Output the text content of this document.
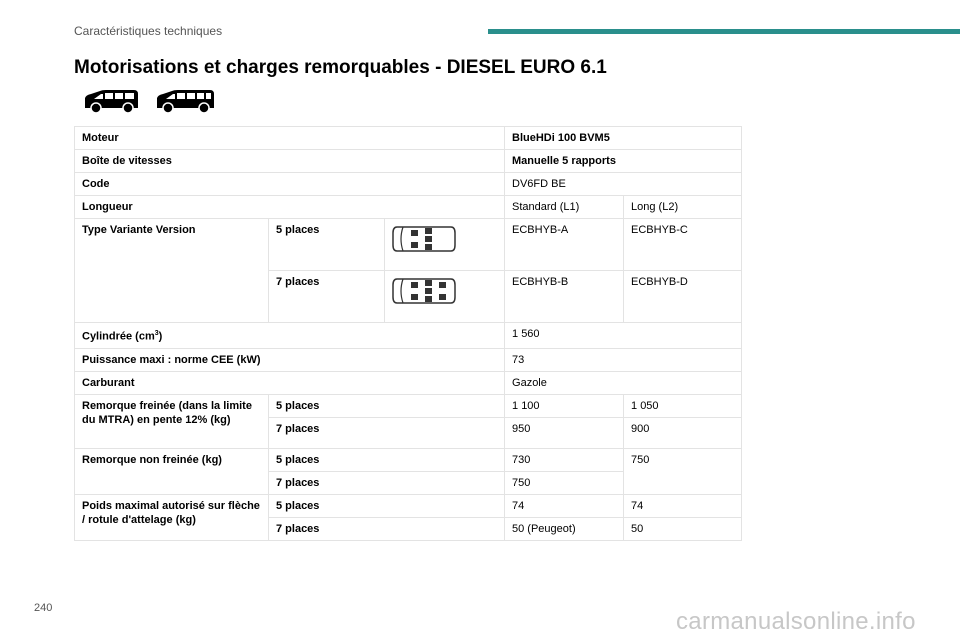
Caractéristiques techniques
Motorisations et charges remorquables - DIESEL EURO 6.1
Moteur			BlueHDi 100 BVM5	
Boîte de vitesses			Manuelle 5 rapports	
Code			DV6FD BE	
Longueur			Standard (L1)	Long (L2)
Type Variante Version	5 places		ECBHYB-A	ECBHYB-C
	7 places		ECBHYB-B	ECBHYB-D
Cylindrée $(cm^3)$			1 560	
Puissance maxi : norme CEE (kW)			73	
Carburant			Gazole	
Remorque freinée (dans la limite du MTRA) en pente 12% (kg)	5 places		1 100	1 050
	7 places		950	900
Remorque non freinée (kg)	5 places		730	750
	7 places		750	
Poids maximal autorisé sur flèche / rotule d'attelage (kg)	5 places		74	74
	7 places		50 (Peugeot)	50
240	carmanualsonline.info
